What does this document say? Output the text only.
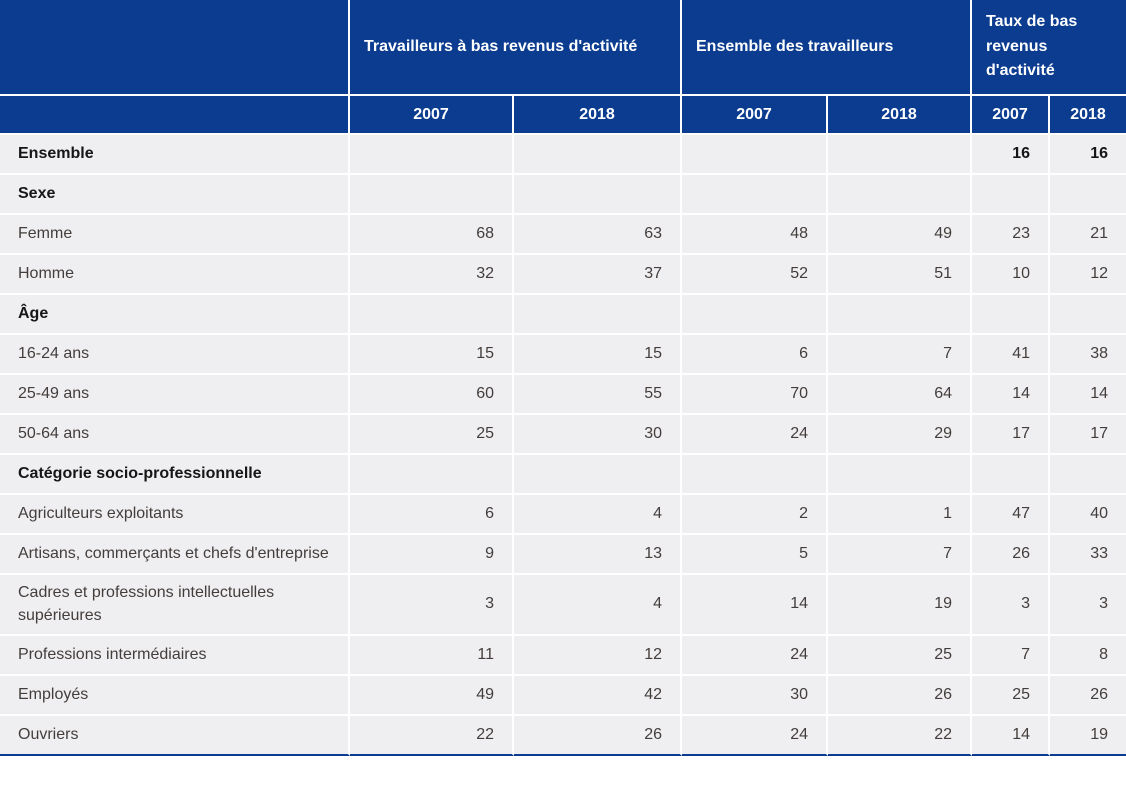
	Travailleurs à bas revenus d'activité		Ensemble des travailleurs		Taux de bas revenus d'activité	
	2007	2018	2007	2018	2007	2018
Ensemble					16	16
Sexe						
Femme	68	63	48	49	23	21
Homme	32	37	52	51	10	12
Âge						
16-24 ans	15	15	6	7	41	38
25-49 ans	60	55	70	64	14	14
50-64 ans	25	30	24	29	17	17
Catégorie socio-professionnelle						
Agriculteurs exploitants	6	4	2	1	47	40
Artisans, commerçants et chefs d'entreprise	9	13	5	7	26	33
Cadres et professions intellectuelles supérieures	3	4	14	19	3	3
Professions intermédiaires	11	12	24	25	7	8
Employés	49	42	30	26	25	26
Ouvriers	22	26	24	22	14	19
